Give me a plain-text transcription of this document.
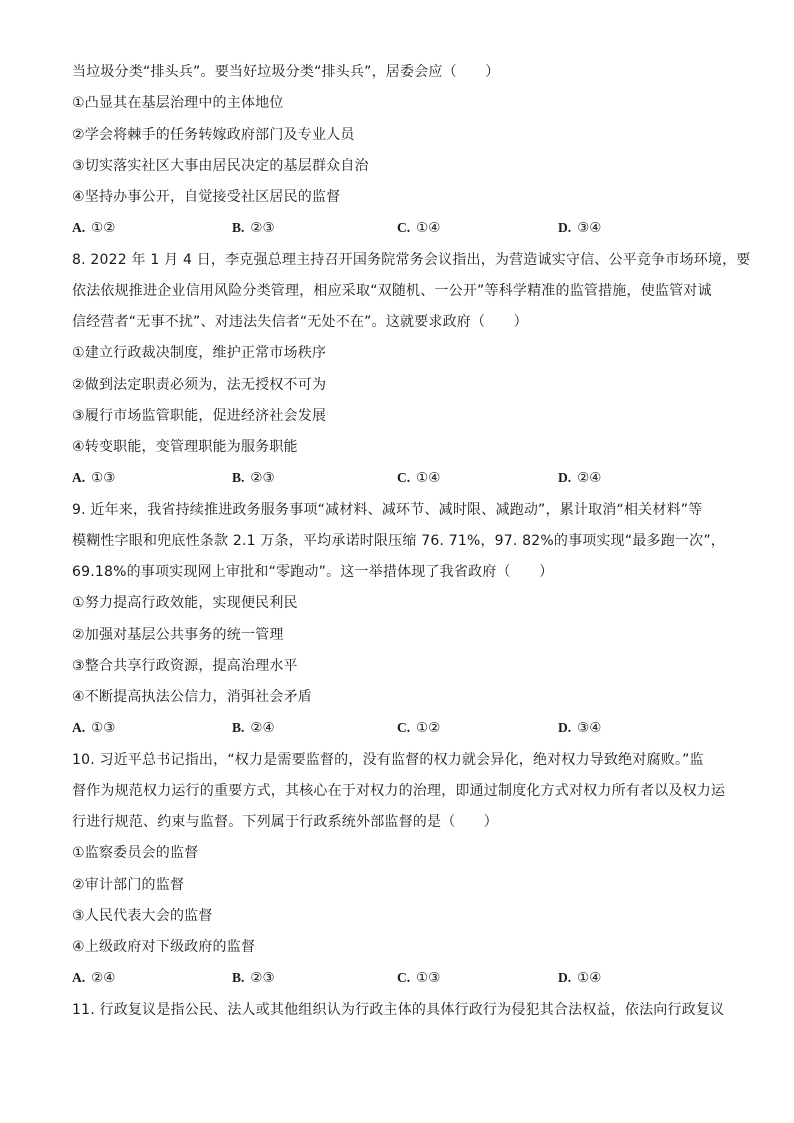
当垃圾分类“排头兵”。要当好垃圾分类“排头兵”，居委会应（　　）
①凸显其在基层治理中的主体地位
②学会将棘手的任务转嫁政府部门及专业人员
③切实落实社区大事由居民决定的基层群众自治
④坚持办事公开，自觉接受社区居民的监督
A. ①②	B. ②③	C. ①④	D. ③④
8. 2022 年 1 月 4 日，李克强总理主持召开国务院常务会议指出，为营造诚实守信、公平竞争市场环境，要
依法依规推进企业信用风险分类管理，相应采取“双随机、一公开”等科学精准的监管措施，使监管对诚
信经营者“无事不扰”、对违法失信者“无处不在”。这就要求政府（　　）
①建立行政裁决制度，维护正常市场秩序
②做到法定职责必须为，法无授权不可为
③履行市场监管职能，促进经济社会发展
④转变职能，变管理职能为服务职能
A. ①③	B. ②③	C. ①④	D. ②④
9. 近年来，我省持续推进政务服务事项“减材料、减环节、减时限、减跑动”，累计取消“相关材料”等
模糊性字眼和兜底性条款 2.1 万条，平均承诺时限压缩 76. 71%，97. 82%的事项实现“最多跑一次”，
69.18%的事项实现网上审批和“零跑动”。这一举措体现了我省政府（　　）
①努力提高行政效能，实现便民利民
②加强对基层公共事务的统一管理
③整合共享行政资源，提高治理水平
④不断提高执法公信力，消弭社会矛盾
A. ①③	B. ②④	C. ①②	D. ③④
10. 习近平总书记指出，“权力是需要监督的，没有监督的权力就会异化，绝对权力导致绝对腐败。”监
督作为规范权力运行的重要方式，其核心在于对权力的治理，即通过制度化方式对权力所有者以及权力运
行进行规范、约束与监督。下列属于行政系统外部监督的是（　　）
①监察委员会的监督
②审计部门的监督
③人民代表大会的监督
④上级政府对下级政府的监督
A. ②④	B. ②③	C. ①③	D. ①④
11. 行政复议是指公民、法人或其他组织认为行政主体的具体行政行为侵犯其合法权益，依法向行政复议
